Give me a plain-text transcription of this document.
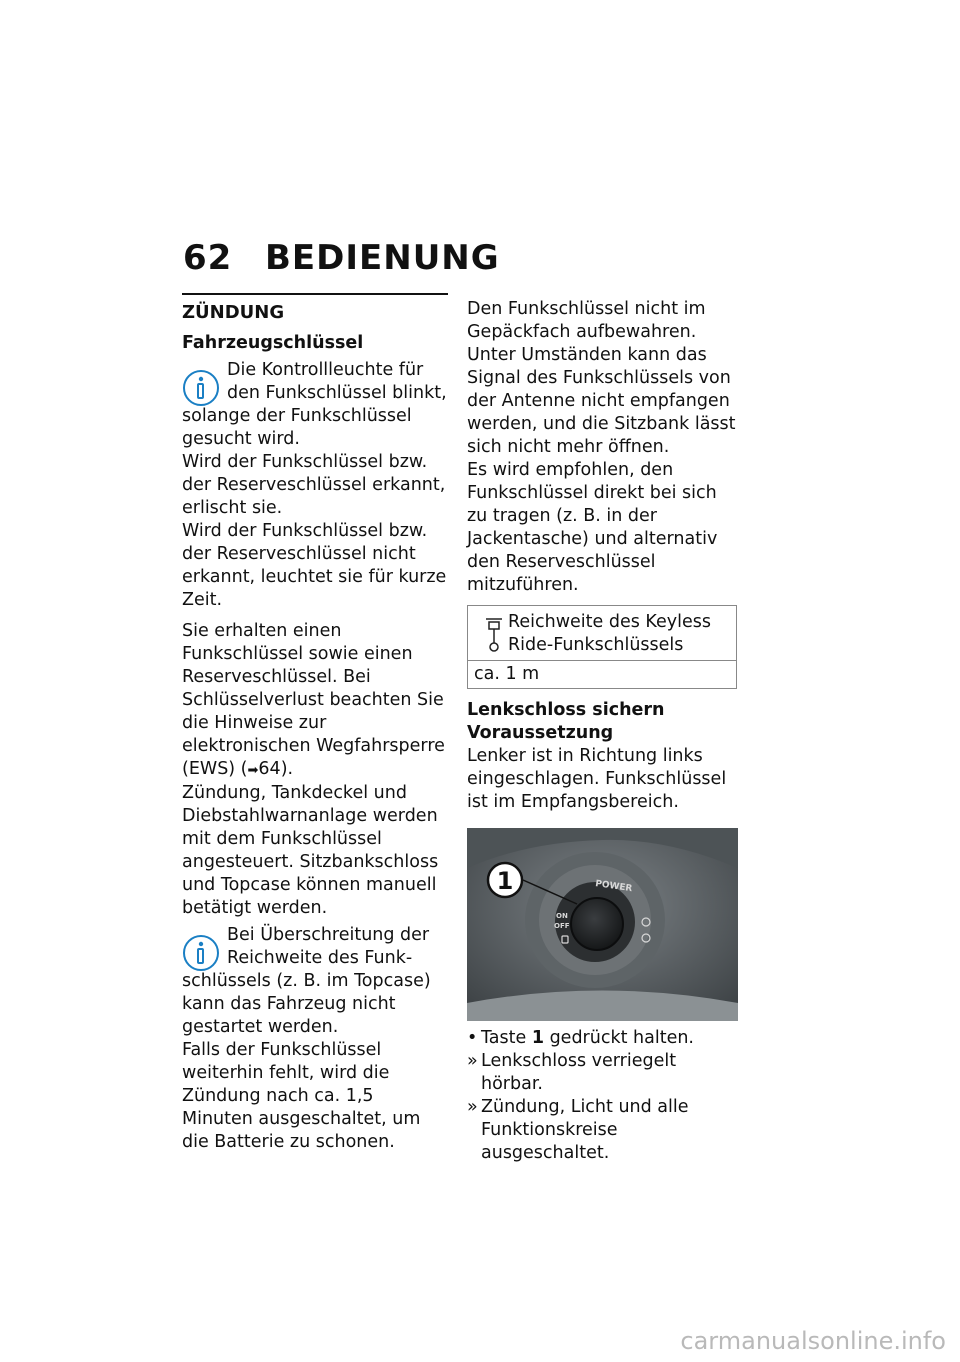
62 BEDIENUNG
ZÜNDUNG
Fahrzeugschlüssel
Die Kontrollleuchte für den Funkschlüssel blinkt,
solange der Funkschlüssel gesucht wird.

Wird der Funkschlüssel bzw. der Reserveschlüssel erkannt, erlischt sie.

Wird der Funkschlüssel bzw. der Reserveschlüssel nicht erkannt, leuchtet sie für kurze Zeit.

Sie erhalten einen Funkschlüssel sowie einen Reserveschlüssel. Bei Schlüsselverlust beachten Sie die Hinweise zur elektronischen Wegfahrsperre (EWS) (➡64).

Zündung, Tankdeckel und Diebstahlwarnanlage werden mit dem Funkschlüssel angesteuert. Sitzbankschloss und Topcase können manuell betätigt werden.

Bei Überschreitung der Reichweite des Funk-
schlüssels (z. B. im Topcase) kann das Fahrzeug nicht gestartet werden.

Falls der Funkschlüssel weiterhin fehlt, wird die Zündung nach ca. 1,5 Minuten ausgeschaltet, um die Batterie zu schonen.

Den Funkschlüssel nicht im Gepäckfach aufbewahren.

Unter Umständen kann das Signal des Funkschlüssels von der Antenne nicht empfangen werden, und die Sitzbank lässt sich nicht mehr öffnen.

Es wird empfohlen, den Funkschlüssel direkt bei sich zu tragen (z. B. in der Jackentasche) und alternativ den Reserveschlüssel mitzuführen.

Reichweite des Keyless Ride-Funkschlüssels
ca. 1 m
Lenkschloss sichern
Voraussetzung

Lenker ist in Richtung links eingeschlagen. Funkschlüssel ist im Empfangsbereich.

POWER
ON
OFF
1
• Taste 1 gedrückt halten.
» Lenkschloss verriegelt hörbar.
» Zündung, Licht und alle Funktionskreise ausgeschaltet.
carmanualsonline.info
